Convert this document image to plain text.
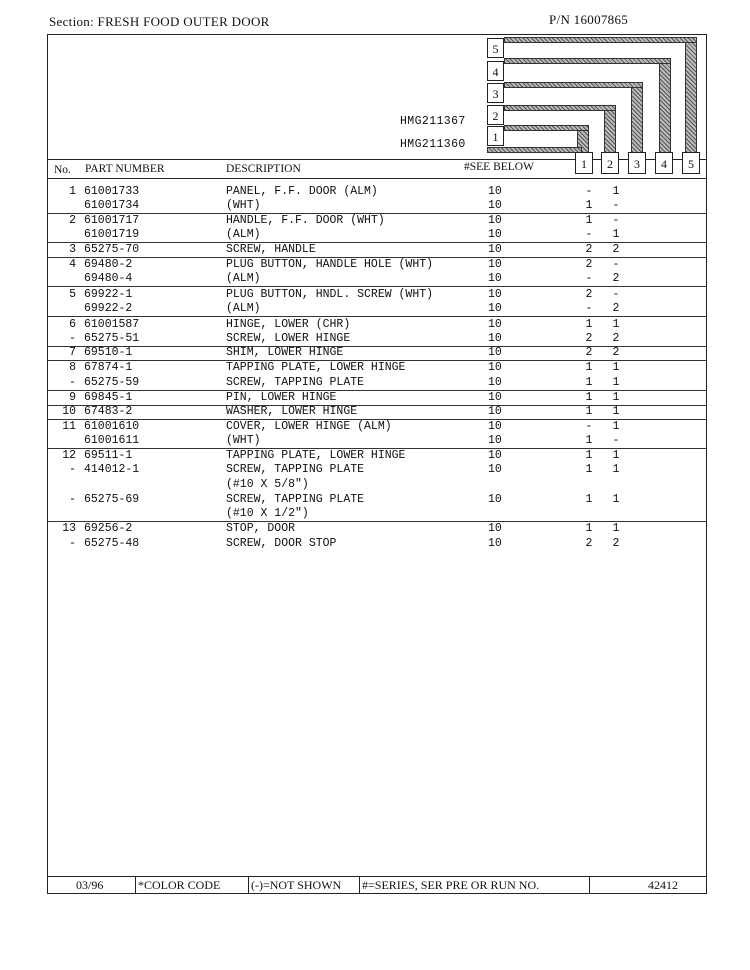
Section: FRESH FOOD OUTER DOOR	P/N 16007865
5
4
3
2
1
HMG211367
HMG211360
No. PART NUMBER	DESCRIPTION	#SEE BELOW	1	2	3	4	5
1 61001733	PANEL, F.F. DOOR (ALM)	10	- 1
61001734	(WHT)	10	1 -
2 61001717	HANDLE, F.F. DOOR (WHT)	10	1 -
61001719	(ALM)	10	- 1
3 65275-70	SCREW, HANDLE	10	2 2
4 69480-2	PLUG BUTTON, HANDLE HOLE (WHT)	10	2 -
69480-4	(ALM)	10	- 2
5 69922-1	PLUG BUTTON, HNDL. SCREW (WHT)	10	2 -
69922-2	(ALM)	10	- 2
6 61001587	HINGE, LOWER (CHR)	10	1 1
- 65275-51	SCREW, LOWER HINGE	10	2 2
7 69510-1	SHIM, LOWER HINGE	10	2 2
8 67874-1	TAPPING PLATE, LOWER HINGE	10	1 1
- 65275-59	SCREW, TAPPING PLATE	10	1 1
9 69845-1	PIN, LOWER HINGE	10	1 1
10 67483-2	WASHER, LOWER HINGE	10	1 1
11 61001610	COVER, LOWER HINGE (ALM)	10	- 1
61001611	(WHT)	10	1 -
12 69511-1	TAPPING PLATE, LOWER HINGE	10	1 1
- 414012-1	SCREW, TAPPING PLATE	10	1 1
(#10 X 5/8")
- 65275-69	SCREW, TAPPING PLATE	10	1 1
(#10 X 1/2")
13 69256-2	STOP, DOOR	10	1 1
- 65275-48	SCREW, DOOR STOP	10	2 2
03/96	*COLOR CODE	(-)=NOT SHOWN #=SERIES, SER PRE OR RUN NO.	42412
